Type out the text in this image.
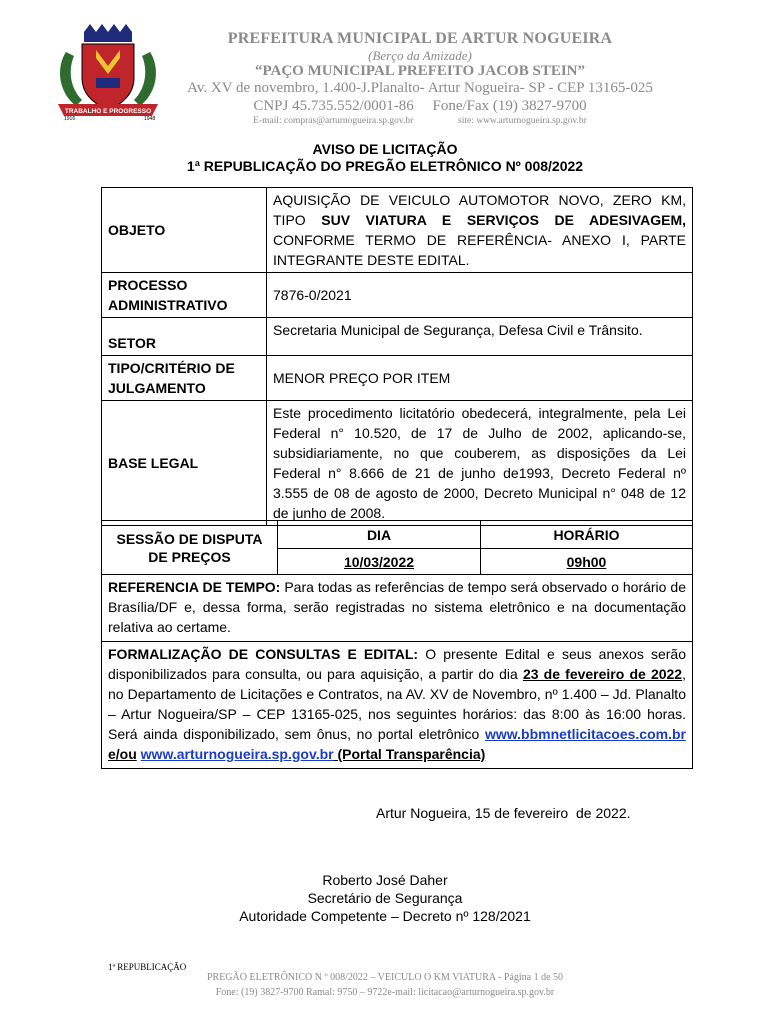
TRABALHO E PROGRESSO
1916	1948
PREFEITURA MUNICIPAL DE ARTUR NOGUEIRA
(Berço da Amizade)
“PAÇO MUNICIPAL PREFEITO JACOB STEIN”
Av. XV de novembro, 1.400-J.Planalto- Artur Nogueira- SP - CEP 13165-025
CNPJ 45.735.552/0001-86     Fone/Fax (19) 3827-9700
E-mail: compras@arturnogueira.sp.gov.br	site: www.arturnogueira.sp.gov.br
AVISO DE LICITAÇÃO
1ª REPUBLICAÇÃO DO PREGÃO ELETRÔNICO Nº 008/2022
OBJETO	AQUISIÇÃO DE VEICULO AUTOMOTOR NOVO, ZERO KM, TIPO SUV VIATURA E SERVIÇOS DE ADESIVAGEM, CONFORME TERMO DE REFERÊNCIA- ANEXO I, PARTE INTEGRANTE DESTE EDITAL.
PROCESSO ADMINISTRATIVO	7876-0/2021
SETOR	Secretaria Municipal de Segurança, Defesa Civil e Trânsito.
TIPO/CRITÉRIO DE JULGAMENTO	MENOR PREÇO POR ITEM
BASE LEGAL	Este procedimento licitatório obedecerá, integralmente, pela Lei Federal n° 10.520, de 17 de Julho de 2002, aplicando-se, subsidiariamente, no que couberem, as disposições da Lei Federal n° 8.666 de 21 de junho de1993, Decreto Federal nº 3.555 de 08 de agosto de 2000, Decreto Municipal n° 048 de 12 de junho de 2008.
SESSÃO DE DISPUTA DE PREÇOS	DIA	HORÁRIO
	10/03/2022	09h00
REFERENCIA DE TEMPO: Para todas as referências de tempo será observado o horário de Brasília/DF e, dessa forma, serão registradas no sistema eletrônico e na documentação relativa ao certame.		
FORMALIZAÇÃO DE CONSULTAS E EDITAL: O presente Edital e seus anexos serão disponibilizados para consulta, ou para aquisição, a partir do dia 23 de fevereiro de 2022, no Departamento de Licitações e Contratos, na AV. XV de Novembro, nº 1.400 – Jd. Planalto – Artur Nogueira/SP – CEP 13165-025, nos seguintes horários: das 8:00 às 16:00 horas. Será ainda disponibilizado, sem ônus, no portal eletrônico www.bbmnetlicitacoes.com.br e/ou www.arturnogueira.sp.gov.br (Portal Transparência)		
Artur Nogueira, 15 de fevereiro  de 2022.
Roberto José Daher
Secretário de Segurança
Autoridade Competente – Decreto nº 128/2021
1ª REPUBLICAÇÃO
PREGÃO ELETRÔNICO N º 008/2022 – VEICULO O KM VIATURA - Página 1 de 50
Fone: (19) 3827-9700 Ramal: 9750 – 9722e-mail: licitacao@arturnogueira.sp.gov.br
